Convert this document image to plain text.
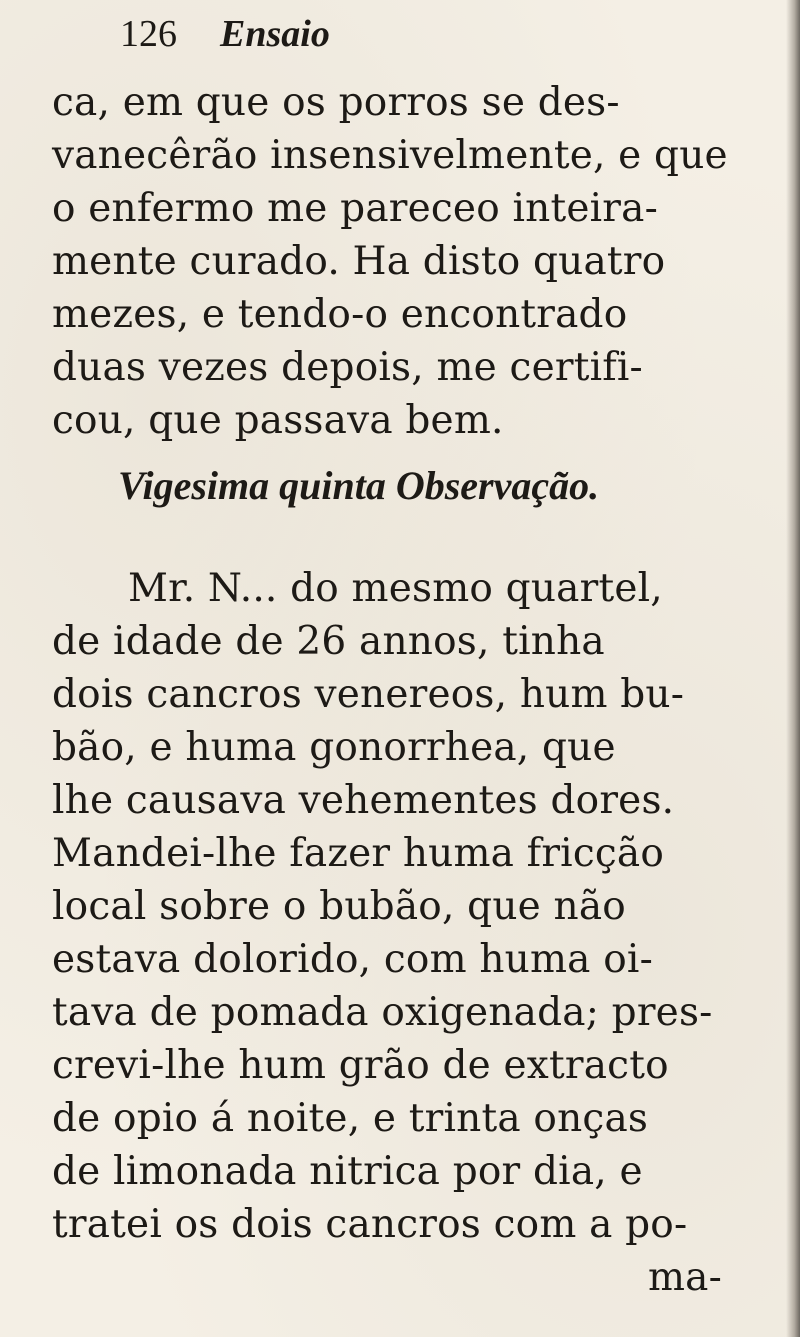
126 Ensaio
ca, em que os porros se des-
vanecêrão insensivelmente, e que
o enfermo me pareceo inteira-
mente curado. Ha disto quatro
mezes, e tendo-o encontrado
duas vezes depois, me certifi-
cou, que passava bem.
Vigesima quinta Observação.
Mr. N... do mesmo quartel,
de idade de 26 annos, tinha
dois cancros venereos, hum bu-
bão, e huma gonorrhea, que
lhe causava vehementes dores.
Mandei-lhe fazer huma fricção
local sobre o bubão, que não
estava dolorido, com huma oi-
tava de pomada oxigenada; pres-
crevi-lhe hum grão de extracto
de opio á noite, e trinta onças
de limonada nitrica por dia, e
tratei os dois cancros com a po-
ma-
